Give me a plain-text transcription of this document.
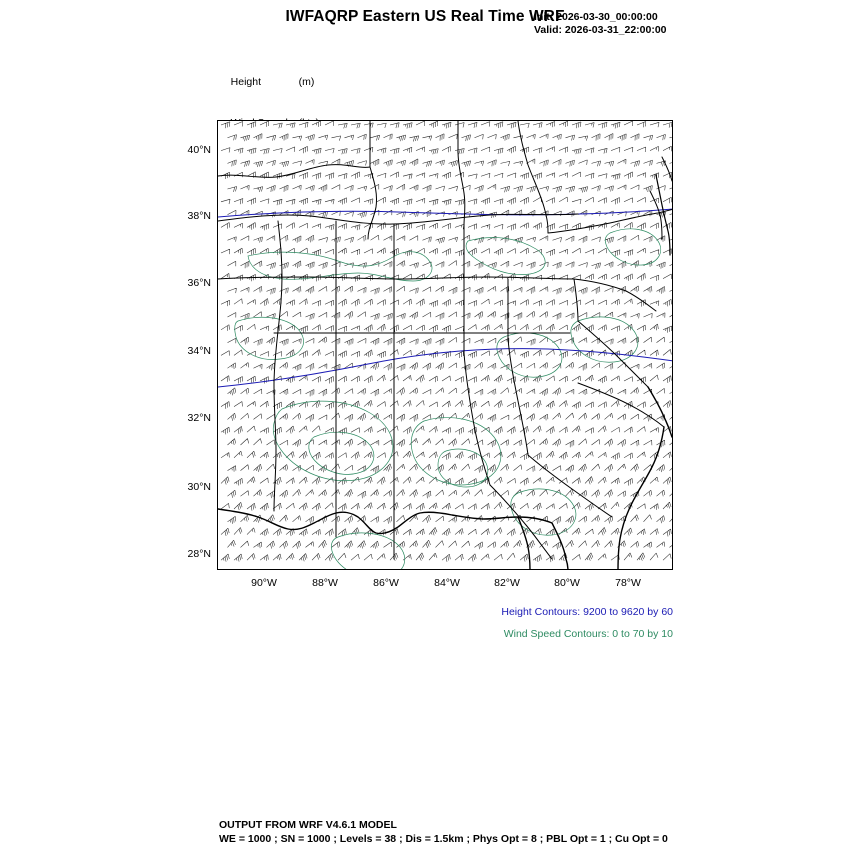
IWFAQRP Eastern US Real Time WRF
Init: 2026-03-30_00:00:00
Valid: 2026-03-31_22:00:00

Height	(m)

40°N
38°N
36°N
34°N
32°N
30°N
28°N
90°W	88°W	86°W	84°W	82°W	80°W	78°W
Height Contours: 9200 to 9620 by 60
Wind Speed Contours: 0 to 70 by 10
OUTPUT FROM WRF V4.6.1 MODEL
WE = 1000 ; SN = 1000 ; Levels = 38 ; Dis = 1.5km ; Phys Opt = 8 ; PBL Opt = 1 ; Cu Opt = 0
